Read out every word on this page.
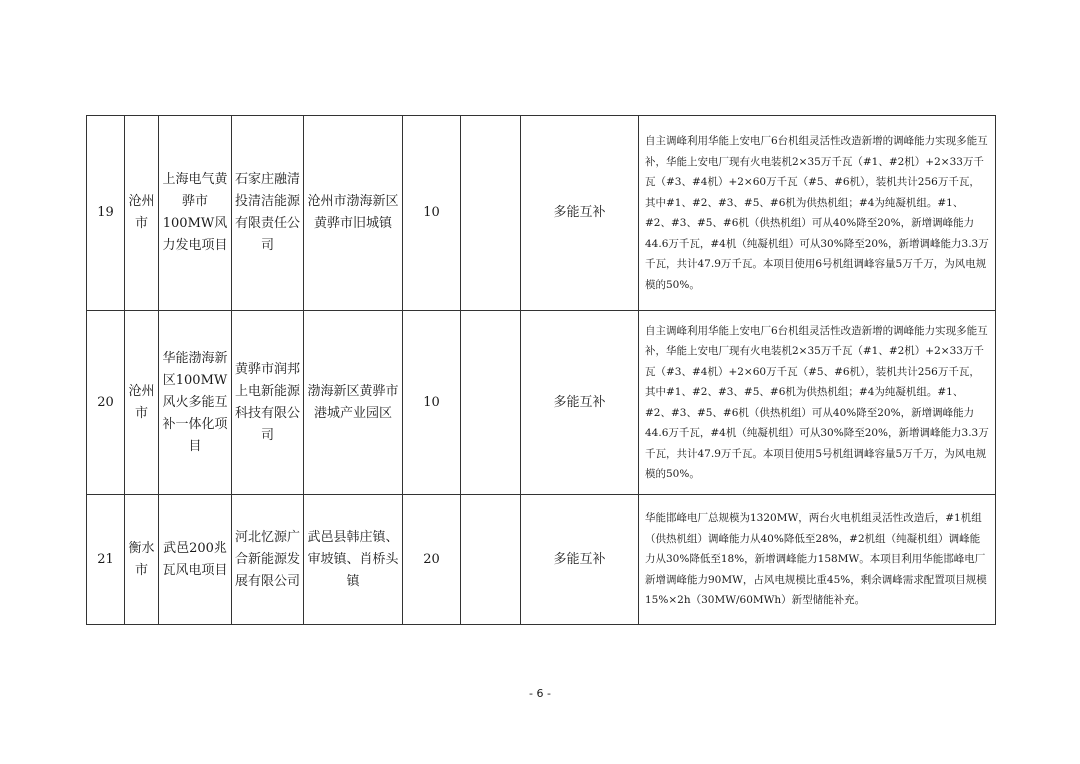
19	沧州市	上海电气黄骅市100MW风力发电项目	石家庄融清投清洁能源有限责任公司	沧州市渤海新区黄骅市旧城镇	10		多能互补	自主调峰利用华能上安电厂6台机组灵活性改造新增的调峰能力实现多能互补，华能上安电厂现有火电装机2×35万千瓦（#1、#2机）+2×33万千瓦（#3、#4机）+2×60万千瓦（#5、#6机），装机共计256万千瓦，其中#1、#2、#3、#5、#6机为供热机组；#4为纯凝机组。#1、#2、#3、#5、#6机（供热机组）可从40%降至20%，新增调峰能力44.6万千瓦，#4机（纯凝机组）可从30%降至20%，新增调峰能力3.3万千瓦，共计47.9万千瓦。本项目使用6号机组调峰容量5万千万，为风电规模的50%。
20	沧州市	华能渤海新区100MW风火多能互补一体化项目	黄骅市润邦上电新能源科技有限公司	渤海新区黄骅市港城产业园区	10		多能互补	自主调峰利用华能上安电厂6台机组灵活性改造新增的调峰能力实现多能互补，华能上安电厂现有火电装机2×35万千瓦（#1、#2机）+2×33万千瓦（#3、#4机）+2×60万千瓦（#5、#6机），装机共计256万千瓦，其中#1、#2、#3、#5、#6机为供热机组；#4为纯凝机组。#1、#2、#3、#5、#6机（供热机组）可从40%降至20%，新增调峰能力44.6万千瓦，#4机（纯凝机组）可从30%降至20%，新增调峰能力3.3万千瓦，共计47.9万千瓦。本项目使用5号机组调峰容量5万千万，为风电规模的50%。
21	衡水市	武邑200兆瓦风电项目	河北忆源广合新能源发展有限公司	武邑县韩庄镇、审坡镇、肖桥头镇	20		多能互补	华能邯峰电厂总规模为1320MW，两台火电机组灵活性改造后，#1机组（供热机组）调峰能力从40%降低至28%，#2机组（纯凝机组）调峰能力从30%降低至18%，新增调峰能力158MW。本项目利用华能邯峰电厂新增调峰能力90MW，占风电规模比重45%，剩余调峰需求配置项目规模15%×2h（30MW/60MWh）新型储能补充。
- 6 -
